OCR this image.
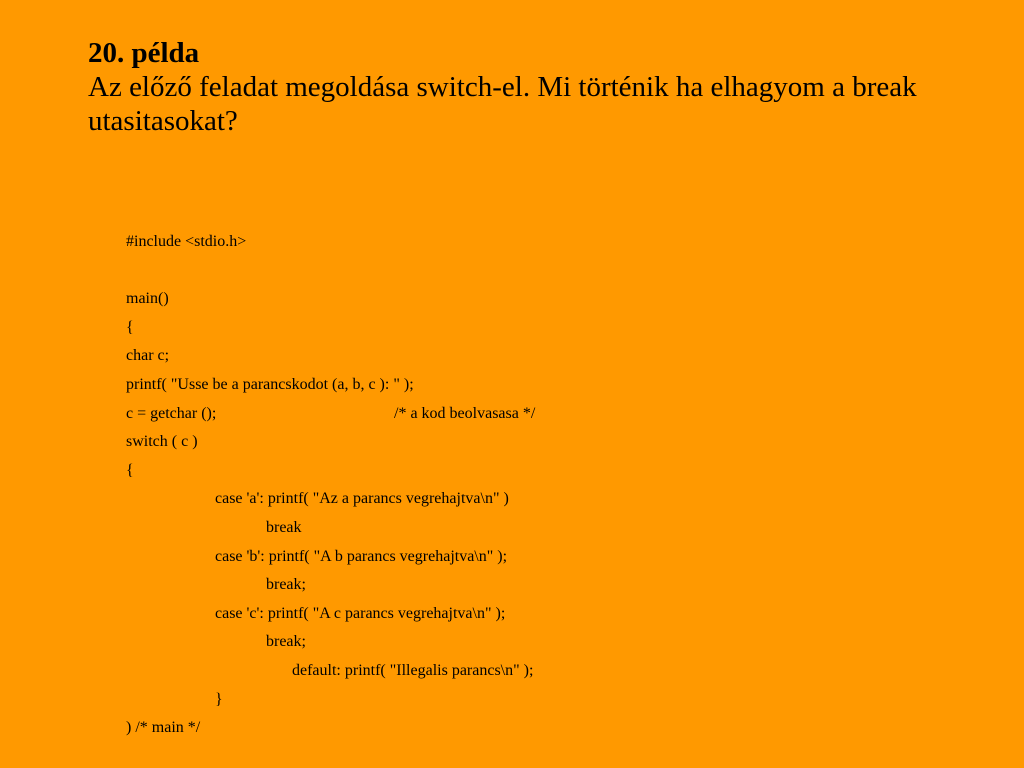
20. példa
Az előző feladat megoldása switch-el. Mi történik ha elhagyom a break utasitasokat?
#include <stdio.h>
main()
{
char c;
printf( "Usse be a parancskodot (a, b, c ): " );

c = getchar ();

	/* a kod beolvasasa */

switch ( c )
{
case 'a': printf( "Az a parancs vegrehajtva\n" )
break
case 'b': printf( "A b parancs vegrehajtva\n" );
break;
case 'c': printf( "A c parancs vegrehajtva\n" );
break;
default: printf( "Illegalis parancs\n" );
}
) /* main */
